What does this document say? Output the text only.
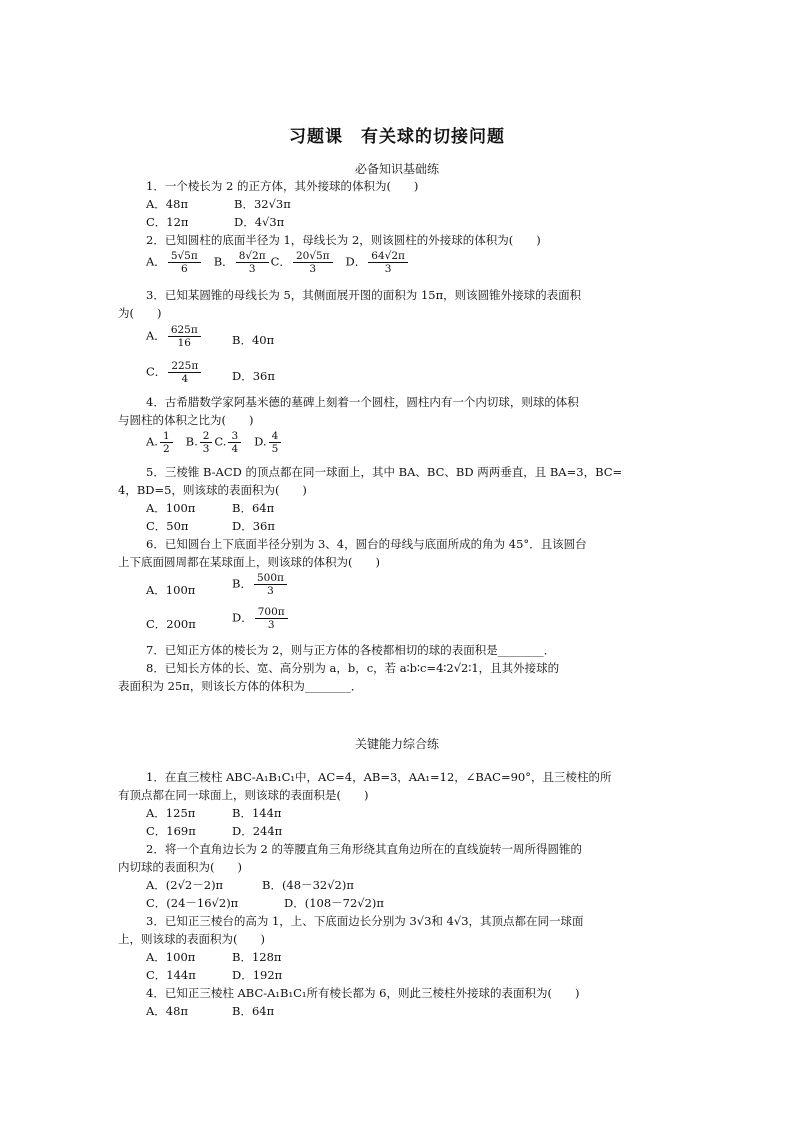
习题课　有关球的切接问题
必备知识基础练
1．一个棱长为 2 的正方体，其外接球的体积为(　　)
A．48π	B．32√3π
C．12π	D．4√3π
2．已知圆柱的底面半径为 1，母线长为 2，则该圆柱的外接球的体积为(　　)
A． $\frac{5√5\pi}{6}$ B． $\frac{8√2\pi}{3}$ C． $\frac{20√5\pi}{3}$ D． $\frac{64√2\pi}{3}$
3．已知某圆锥的母线长为 5，其侧面展开图的面积为 15π，则该圆锥外接球的表面积
为(　　)
A． $\frac{625\pi}{16}$	B．40π
C． $\frac{225\pi}{4}$	D．36π
4．古希腊数学家阿基米德的墓碑上刻着一个圆柱，圆柱内有一个内切球，则球的体积
与圆柱的体积之比为(　　)
A. $\frac{1}{2} B$. $\frac{2}{3} C$. $\frac{3}{4} D$. $\frac{4}{5}$
5．三棱锥 B-ACD 的顶点都在同一球面上，其中 BA、BC、BD 两两垂直，且 BA=3，BC=
4，BD=5，则该球的表面积为(　　)
A．100π	B．64π
C．50π	D．36π
6．已知圆台上下底面半径分别为 3、4，圆台的母线与底面所成的角为 45°．且该圆台
上下底面圆周都在某球面上，则该球的体积为(　　)
A．100π	B． $\frac{500\pi}{3}$
C．200π	D． $\frac{700\pi}{3}$
7．已知正方体的棱长为 2，则与正方体的各棱都相切的球的表面积是________．
8．已知长方体的长、宽、高分别为 a，b，c，若 a∶b∶c=4∶2√2∶1，且其外接球的
表面积为 25π，则该长方体的体积为________．
关键能力综合练
1．在直三棱柱 ABC-A₁B₁C₁中，AC=4，AB=3，AA₁=12，∠BAC=90°，且三棱柱的所
有顶点都在同一球面上，则该球的表面积是(　　)
A．125π	B．144π
C．169π	D．244π
2．将一个直角边长为 2 的等腰直角三角形绕其直角边所在的直线旋转一周所得圆锥的
内切球的表面积为(　　)
A．(2√2－2)π	B．(48－32√2)π
C．(24－16√2)π	D．(108－72√2)π
3．已知正三棱台的高为 1，上、下底面边长分别为 3√3和 4√3，其顶点都在同一球面
上，则该球的表面积为(　　)
A．100π	B．128π
C．144π	D．192π
4．已知正三棱柱 ABC-A₁B₁C₁所有棱长都为 6，则此三棱柱外接球的表面积为(　　)
A．48π	B．64π
